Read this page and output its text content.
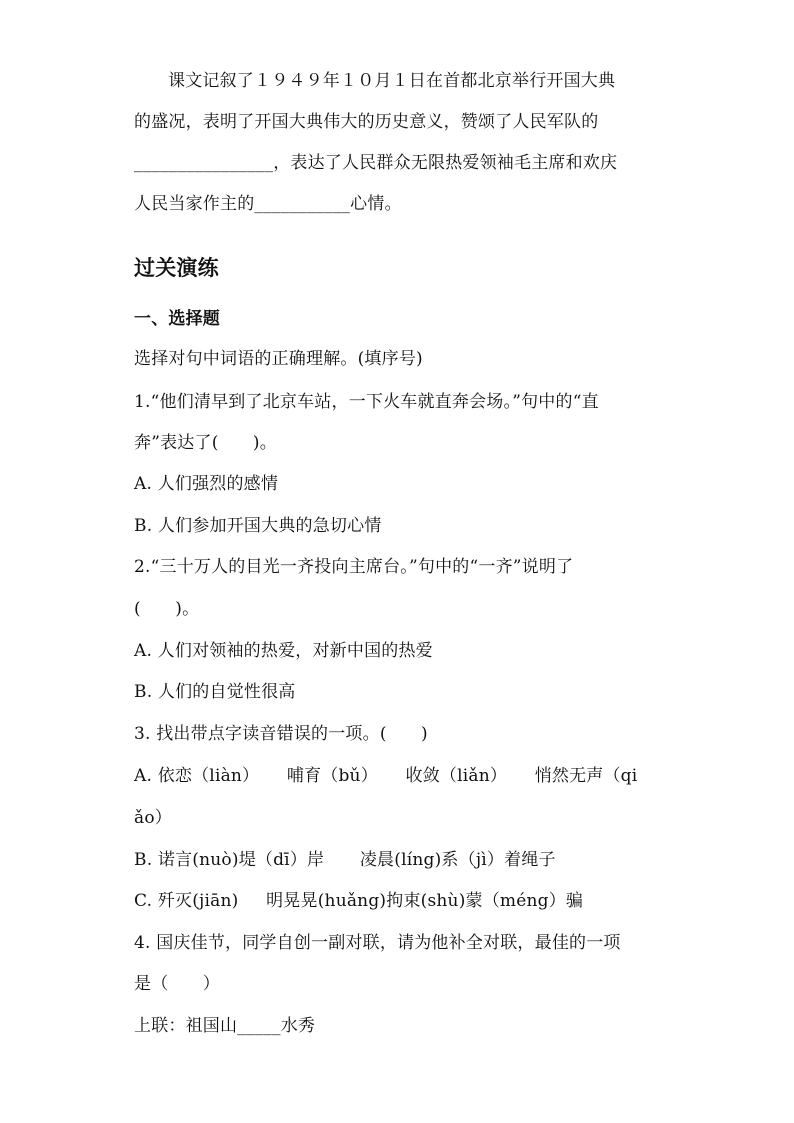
课文记叙了１９４９年１０月１日在首都北京举行开国大典
的盛况，表明了开国大典伟大的历史意义，赞颂了人民军队的
________________，表达了人民群众无限热爱领袖毛主席和欢庆
人民当家作主的___________心情。
过关演练
一、选择题
选择对句中词语的正确理解。(填序号)
1.“他们清早到了北京车站，一下火车就直奔会场。”句中的“直
奔”表达了(　　)。
A. 人们强烈的感情
B. 人们参加开国大典的急切心情
2.“三十万人的目光一齐投向主席台。”句中的“一齐”说明了
(　　)。
A. 人们对领袖的热爱，对新中国的热爱
B. 人们的自觉性很高
3. 找出带点字读音错误的一项。(　　)
A. 依恋（liàn） 哺育（bǔ） 收敛（liǎn） 悄然无声（qi
ǎo）
B. 诺言(nuò)堤（dī）岸 凌晨(líng)系（jì）着绳子
C. 歼灭(jiān) 明晃晃(huǎng)拘束(shù)蒙（méng）骗
4. 国庆佳节，同学自创一副对联，请为他补全对联，最佳的一项
是（　　）
上联：祖国山_____水秀
